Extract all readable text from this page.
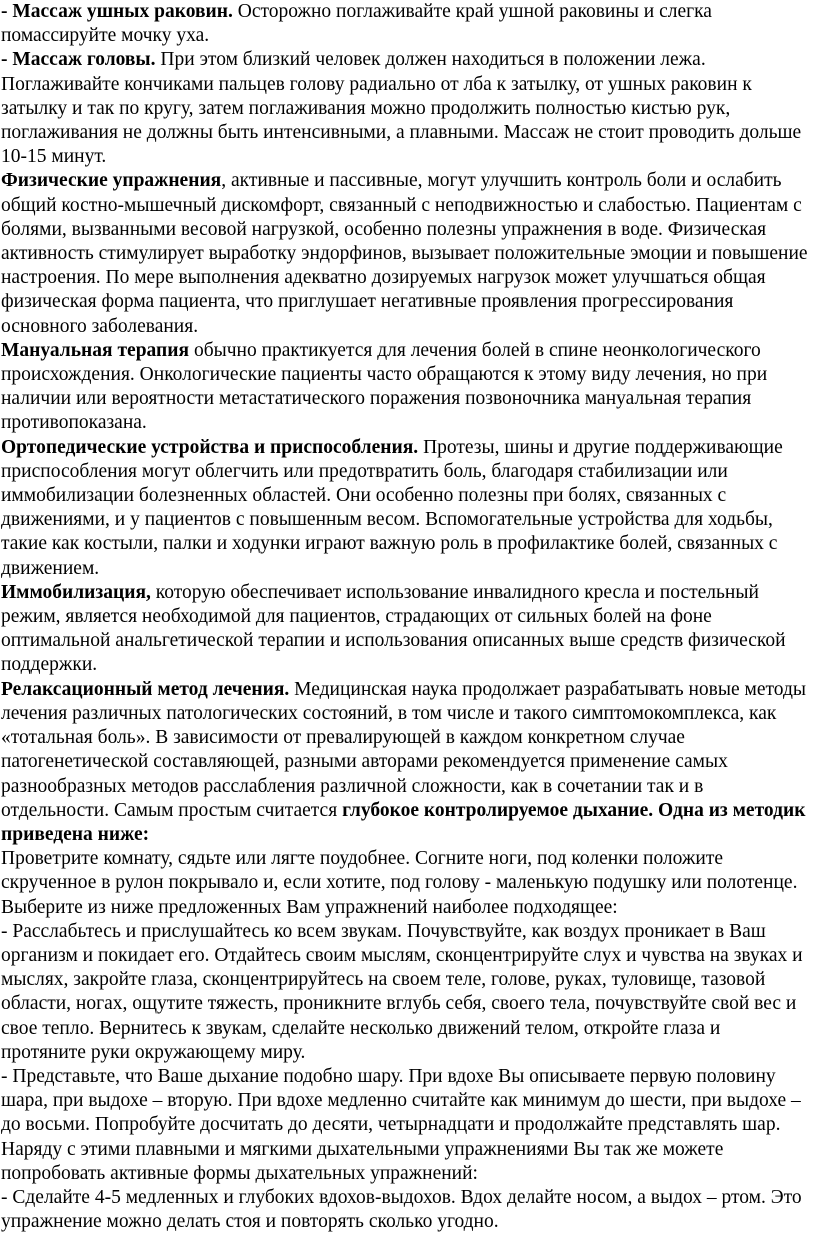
- Массаж ушных раковин. Осторожно поглаживайте край ушной раковины и слегка помассируйте мочку уха.

- Массаж головы. При этом близкий человек должен находиться в положении лежа. Поглаживайте кончиками пальцев голову радиально от лба к затылку, от ушных раковин к затылку и так по кругу, затем поглаживания можно продолжить полностью кистью рук, поглаживания не должны быть интенсивными, а плавными. Массаж не стоит проводить дольше 10-15 минут.

Физические упражнения, активные и пассивные, могут улучшить контроль боли и ослабить общий костно-мышечный дискомфорт, связанный с неподвижностью и слабостью. Пациентам с болями, вызванными весовой нагрузкой, особенно полезны упражнения в воде. Физическая активность стимулирует выработку эндорфинов, вызывает положительные эмоции и повышение настроения. По мере выполнения адекватно дозируемых нагрузок может улучшаться общая физическая форма пациента, что приглушает негативные проявления прогрессирования основного заболевания.

Мануальная терапия обычно практикуется для лечения болей в спине неонкологического происхождения. Онкологические пациенты часто обращаются к этому виду лечения, но при наличии или вероятности метастатического поражения позвоночника мануальная терапия противопоказана.

Ортопедические устройства и приспособления. Протезы, шины и другие поддерживающие приспособления могут облегчить или предотвратить боль, благодаря стабилизации или иммобилизации болезненных областей. Они особенно полезны при болях, связанных с движениями, и у пациентов с повышенным весом. Вспомогательные устройства для ходьбы, такие как костыли, палки и ходунки играют важную роль в профилактике болей, связанных с движением.

Иммобилизация, которую обеспечивает использование инвалидного кресла и постельный режим, является необходимой для пациентов, страдающих от сильных болей на фоне оптимальной анальгетической терапии и использования описанных выше средств физической поддержки.

Релаксационный метод лечения. Медицинская наука продолжает разрабатывать новые методы лечения различных патологических состояний, в том числе и такого симптомокомплекса, как «тотальная боль». В зависимости от превалирующей в каждом конкретном случае патогенетической составляющей, разными авторами рекомендуется применение самых разнообразных методов расслабления различной сложности, как в сочетании так и в отдельности. Самым простым считается глубокое контролируемое дыхание. Одна из методик приведена ниже:

Проветрите комнату, сядьте или лягте поудобнее. Согните ноги, под коленки положите скрученное в рулон покрывало и, если хотите, под голову - маленькую подушку или полотенце. Выберите из ниже предложенных Вам упражнений наиболее подходящее:

- Расслабьтесь и прислушайтесь ко всем звукам. Почувствуйте, как воздух проникает в Ваш организм и покидает его. Отдайтесь своим мыслям, сконцентрируйте слух и чувства на звуках и мыслях, закройте глаза, сконцентрируйтесь на своем теле, голове, руках, туловище, тазовой области, ногах, ощутите тяжесть, проникните вглубь себя, своего тела, почувствуйте свой вес и свое тепло. Вернитесь к звукам, сделайте несколько движений телом, откройте глаза и протяните руки окружающему миру.

- Представьте, что Ваше дыхание подобно шару. При вдохе Вы описываете первую половину шара, при выдохе – вторую. При вдохе медленно считайте как минимум до шести, при выдохе – до восьми. Попробуйте досчитать до десяти, четырнадцати и продолжайте представлять шар.

Наряду с этими плавными и мягкими дыхательными упражнениями Вы так же можете попробовать активные формы дыхательных упражнений:

- Сделайте 4-5 медленных и глубоких вдохов-выдохов. Вдох делайте носом, а выдох – ртом. Это упражнение можно делать стоя и повторять сколько угодно.
